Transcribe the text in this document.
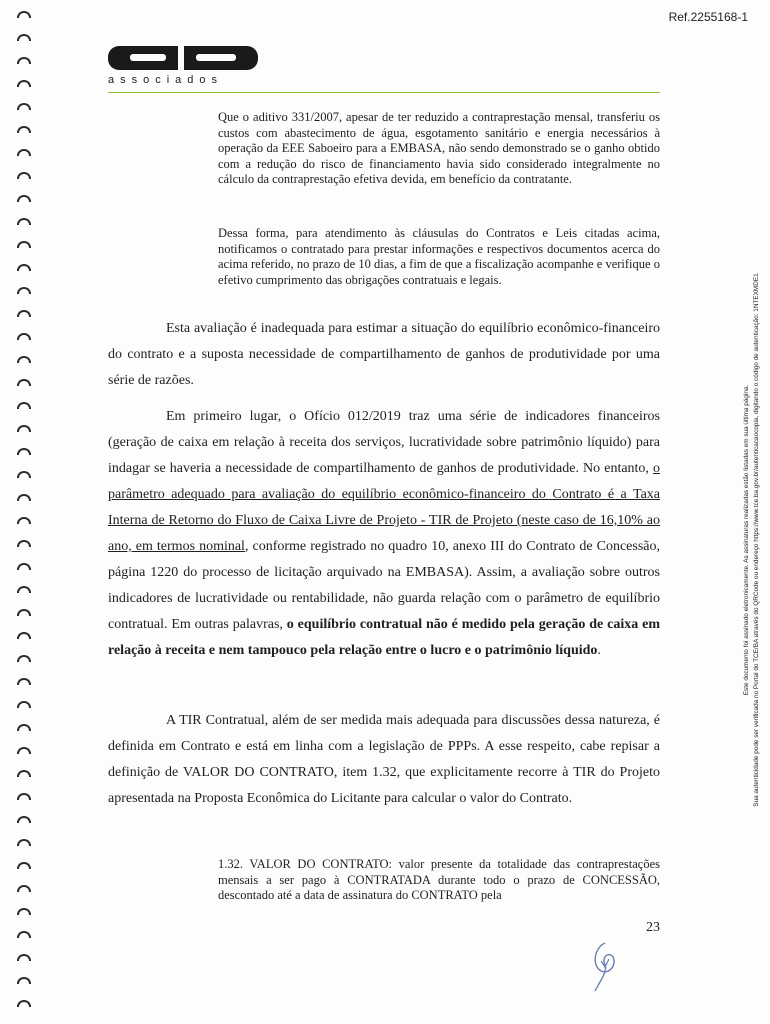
Ref.2255168-1
associados
Que o aditivo 331/2007, apesar de ter reduzido a contraprestação mensal, transferiu os custos com abastecimento de água, esgotamento sanitário e energia necessários à operação da EEE Saboeiro para a EMBASA, não sendo demonstrado se o ganho obtido com a redução do risco de financiamento havia sido considerado integralmente no cálculo da contraprestação efetiva devida, em benefício da contratante.
Dessa forma, para atendimento às cláusulas do Contratos e Leis citadas acima, notificamos o contratado para prestar informações e respectivos documentos acerca do acima referido, no prazo de 10 dias, a fim de que a fiscalização acompanhe e verifique o efetivo cumprimento das obrigações contratuais e legais.
Esta avaliação é inadequada para estimar a situação do equilíbrio econômico-financeiro do contrato e a suposta necessidade de compartilhamento de ganhos de produtividade por uma série de razões.
Em primeiro lugar, o Ofício 012/2019 traz uma série de indicadores financeiros (geração de caixa em relação à receita dos serviços, lucratividade sobre patrimônio líquido) para indagar se haveria a necessidade de compartilhamento de ganhos de produtividade. No entanto, o parâmetro adequado para avaliação do equilíbrio econômico-financeiro do Contrato é a Taxa Interna de Retorno do Fluxo de Caixa Livre de Projeto - TIR de Projeto (neste caso de 16,10% ao ano, em termos nominal, conforme registrado no quadro 10, anexo III do Contrato de Concessão, página 1220 do processo de licitação arquivado na EMBASA). Assim, a avaliação sobre outros indicadores de lucratividade ou rentabilidade, não guarda relação com o parâmetro de equilíbrio contratual. Em outras palavras, o equilíbrio contratual não é medido pela geração de caixa em relação à receita e nem tampouco pela relação entre o lucro e o patrimônio líquido.
A TIR Contratual, além de ser medida mais adequada para discussões dessa natureza, é definida em Contrato e está em linha com a legislação de PPPs. A esse respeito, cabe repisar a definição de VALOR DO CONTRATO, item 1.32, que explicitamente recorre à TIR do Projeto apresentada na Proposta Econômica do Licitante para calcular o valor do Contrato.
1.32. VALOR DO CONTRATO: valor presente da totalidade das contraprestações mensais a ser pago à CONTRATADA durante todo o prazo de CONCESSÃO, descontado até a data de assinatura do CONTRATO pela
23
Este documento foi assinado eletronicamente. As assinaturas realizadas estão listadas em sua última página. Sua autenticidade pode ser verificada no Portal do TCE/BA através do QRCode ou endereço https://www.tce.ba.gov.br/autenticacaocopia, digitando o código de autenticação: 1NTEXMDE1
